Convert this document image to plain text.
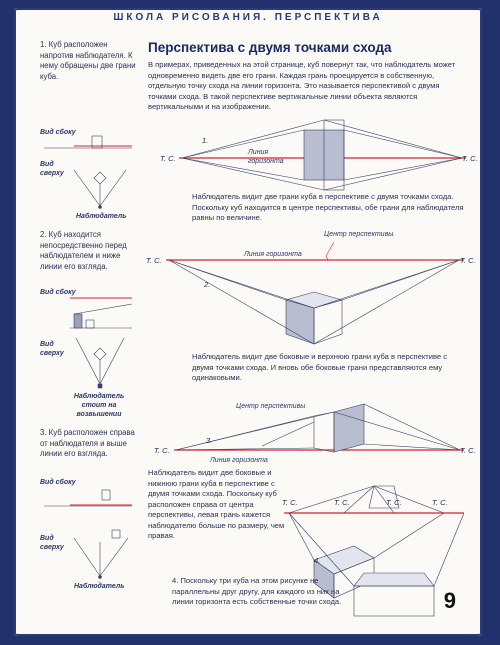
ШКОЛА РИСОВАНИЯ. ПЕРСПЕКТИВА
Перспектива с двумя точками схода
В примерах, приведенных на этой странице, куб повернут так, что наблюдатель может одновременно видеть две его грани. Каждая грань проецируется в собственную, отдельную точку схода на линии горизонта. Это называется перспективой с двумя точками схода. В такой перспективе вертикальные линии объекта являются вертикальными и на изображении.
1. Куб расположен напротив наблюдателя. К нему обращены две грани куба.
Вид сбоку
Вид сверху
Наблюдатель
2. Куб находится непосредственно перед наблюдателем и ниже линии его взгляда.
Вид сбоку
Вид сверху
Наблюдатель стоит на возвышении
3. Куб расположен справа от наблюдателя и выше линии его взгляда.
Вид сбоку
Вид сверху
Наблюдатель
1.
Т. С.	Т. С.
Линия горизонта
Наблюдатель видит две грани куба в перспективе с двумя точками схода. Поскольку куб находится в центре перспективы, обе грани для наблюдателя равны по величине.
Центр перспективы
Т. С.	Т. С.
Линия горизонта
2.
Наблюдатель видит две боковые и верхнюю грани куба в перспективе с двумя точками схода. И вновь обе боковые грани представляются ему одинаковыми.
Центр перспективы
3.
Т. С.	Т. С.
Линия горизонта
Наблюдатель видит две боковые и нижнюю грани куба в перспективе с двумя точками схода. Поскольку куб расположен справа от центра перспективы, левая грань кажется наблюдателю больше по размеру, чем правая.
Т. С.	Т. С.	Т. С.	Т. С.
4.
4. Поскольку три куба на этом рисунке не параллельны друг другу, для каждого из них на линии горизонта есть собственные точки схода.	9
